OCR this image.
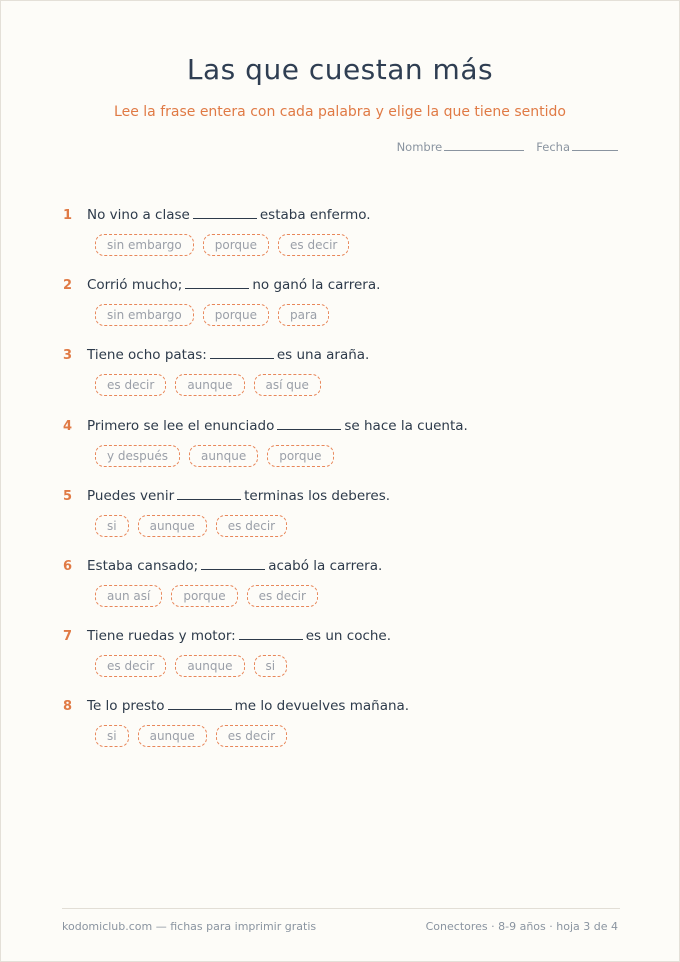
Las que cuestan más
Lee la frase entera con cada palabra y elige la que tiene sentido
Nombre	Fecha
1	No vino a clase	estaba enfermo.
sin embargo	porque	es decir
2	Corrió mucho;	no ganó la carrera.
sin embargo	porque	para
3	Tiene ocho patas:	es una araña.
es decir	aunque	así que
4	Primero se lee el enunciado	se hace la cuenta.
y después	aunque	porque
5	Puedes venir	terminas los deberes.
si	aunque	es decir
6	Estaba cansado;	acabó la carrera.
aun así	porque	es decir
7	Tiene ruedas y motor:	es un coche.
es decir	aunque	si
8	Te lo presto	me lo devuelves mañana.
si	aunque	es decir
kodomiclub.com — fichas para imprimir gratis	Conectores · 8-9 años · hoja 3 de 4
